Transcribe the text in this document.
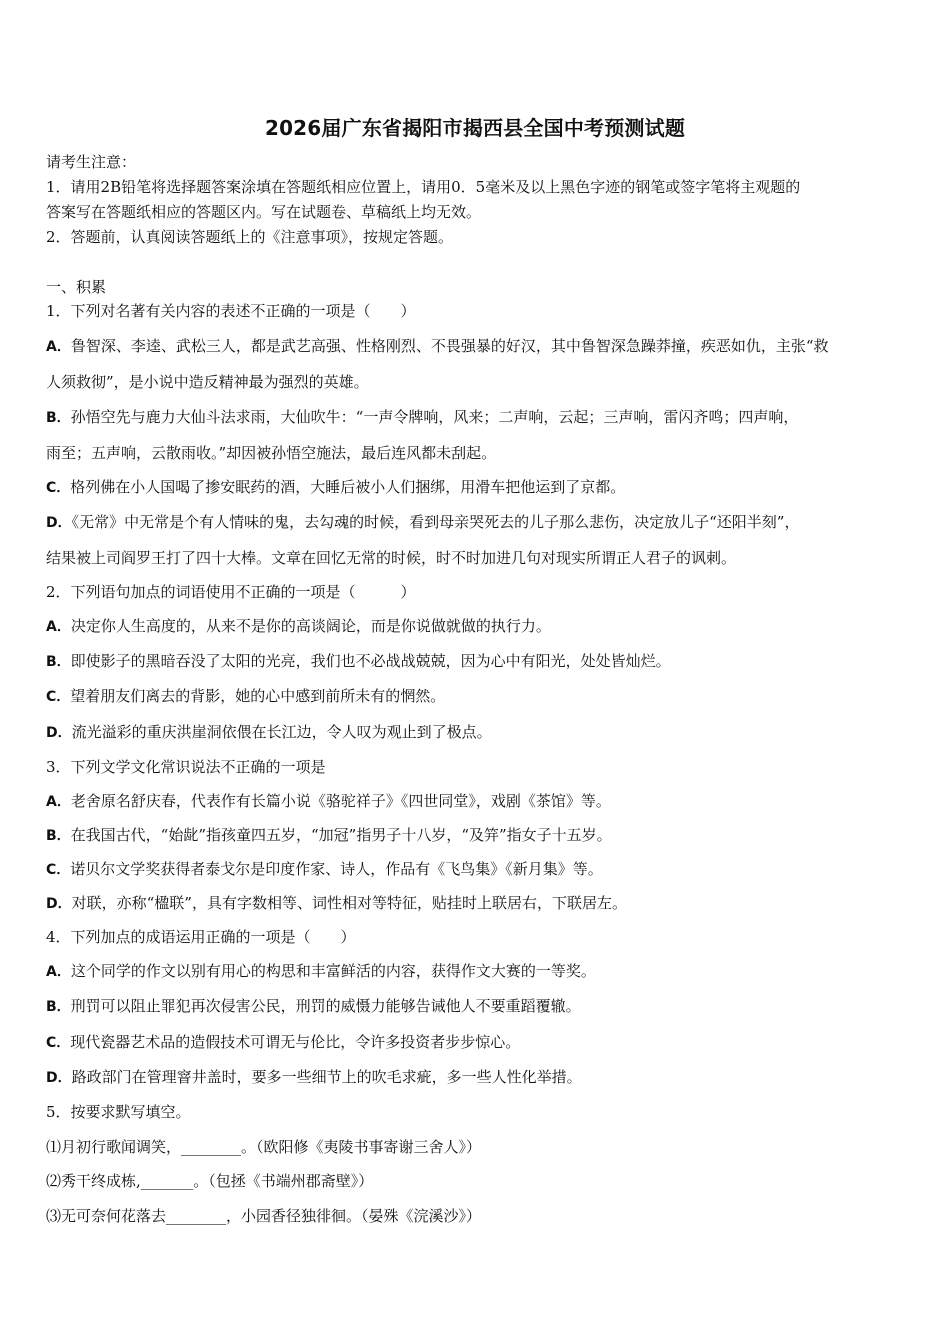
2026届广东省揭阳市揭西县全国中考预测试题
请考生注意：
1．请用2B铅笔将选择题答案涂填在答题纸相应位置上，请用0．5毫米及以上黑色字迹的钢笔或签字笔将主观题的
答案写在答题纸相应的答题区内。写在试题卷、草稿纸上均无效。
2．答题前，认真阅读答题纸上的《注意事项》，按规定答题。
一、积累
1．下列对名著有关内容的表述不正确的一项是（　　）
A．鲁智深、李逵、武松三人，都是武艺高强、性格刚烈、不畏强暴的好汉，其中鲁智深急躁莽撞，疾恶如仇，主张“救
人须救彻”，是小说中造反精神最为强烈的英雄。
B．孙悟空先与鹿力大仙斗法求雨，大仙吹牛：“一声令牌响，风来；二声响，云起；三声响，雷闪齐鸣；四声响，
雨至；五声响，云散雨收。”却因被孙悟空施法，最后连风都未刮起。
C．格列佛在小人国喝了掺安眠药的酒，大睡后被小人们捆绑，用滑车把他运到了京都。
D．《无常》中无常是个有人情味的鬼，去勾魂的时候，看到母亲哭死去的儿子那么悲伤，决定放儿子“还阳半刻”，
结果被上司阎罗王打了四十大棒。文章在回忆无常的时候，时不时加进几句对现实所谓正人君子的讽刺。
2．下列语句加点的词语使用不正确的一项是（　　　）
A．决定你人生高度的，从来不是你的高谈阔论，而是你说做就做的执行力。
B．即使影子的黑暗吞没了太阳的光亮，我们也不必战战兢兢，因为心中有阳光，处处皆灿烂。
C．望着朋友们离去的背影，她的心中感到前所未有的惘然。
D．流光溢彩的重庆洪崖洞依偎在长江边，令人叹为观止到了极点。
3．下列文学文化常识说法不正确的一项是
A．老舍原名舒庆春，代表作有长篇小说《骆驼祥子》《四世同堂》，戏剧《茶馆》等。
B．在我国古代，“始龀”指孩童四五岁，“加冠”指男子十八岁，“及笄”指女子十五岁。
C．诺贝尔文学奖获得者泰戈尔是印度作家、诗人，作品有《飞鸟集》《新月集》等。
D．对联，亦称“楹联”，具有字数相等、词性相对等特征，贴挂时上联居右，下联居左。
4．下列加点的成语运用正确的一项是（　　）
A．这个同学的作文以别有用心的构思和丰富鲜活的内容，获得作文大赛的一等奖。
B．刑罚可以阻止罪犯再次侵害公民，刑罚的威慑力能够告诫他人不要重蹈覆辙。
C．现代瓷器艺术品的造假技术可谓无与伦比，令许多投资者步步惊心。
D．路政部门在管理窨井盖时，要多一些细节上的吹毛求疵，多一些人性化举措。
5．按要求默写填空。
⑴月初行歌闻调笑，________。（欧阳修《夷陵书事寄谢三舍人》）
⑵秀干终成栋,_______。（包拯《书端州郡斋壁》）
⑶无可奈何花落去________，小园香径独徘徊。（晏殊《浣溪沙》）
